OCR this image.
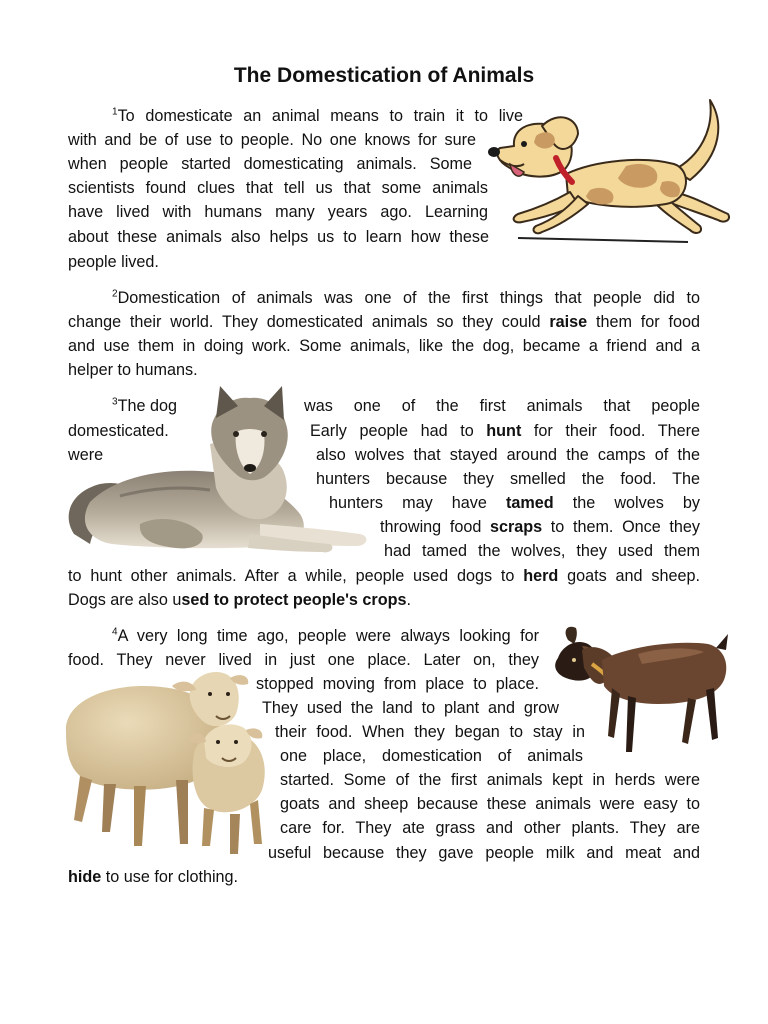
The Domestication of Animals
$^1$To domesticate an animal means to train it to live
with and be of use to people. No one knows for sure
when people started domesticating animals. Some
scientists found clues that tell us that some animals
have lived with humans many years ago. Learning
about these animals also helps us to learn how these
people lived.
$^2$Domestication of animals was one of the first things that people did to
change their world. They domesticated animals so they could raise them for food
and use them in doing work. Some animals, like the dog, became a friend and a
helper to humans.
$^3$The dog	was one of the first animals that people
domesticated.	Early people had to hunt for their food. There
were	also wolves that stayed around the camps of the
hunters because they smelled the food. The
hunters may have tamed the wolves by
throwing food scraps to them. Once they
had tamed the wolves, they used them
to hunt other animals. After a while, people used dogs to herd goats and sheep.
Dogs are also used to protect people's crops.
$^4$A very long time ago, people were always looking for
food. They never lived in just one place. Later on, they
stopped moving from place to place.
They used the land to plant and grow
their food. When they began to stay in
one place, domestication of animals
started. Some of the first animals kept in herds were
goats and sheep because these animals were easy to
care for. They ate grass and other plants. They are
useful because they gave people milk and meat and
hide to use for clothing.
